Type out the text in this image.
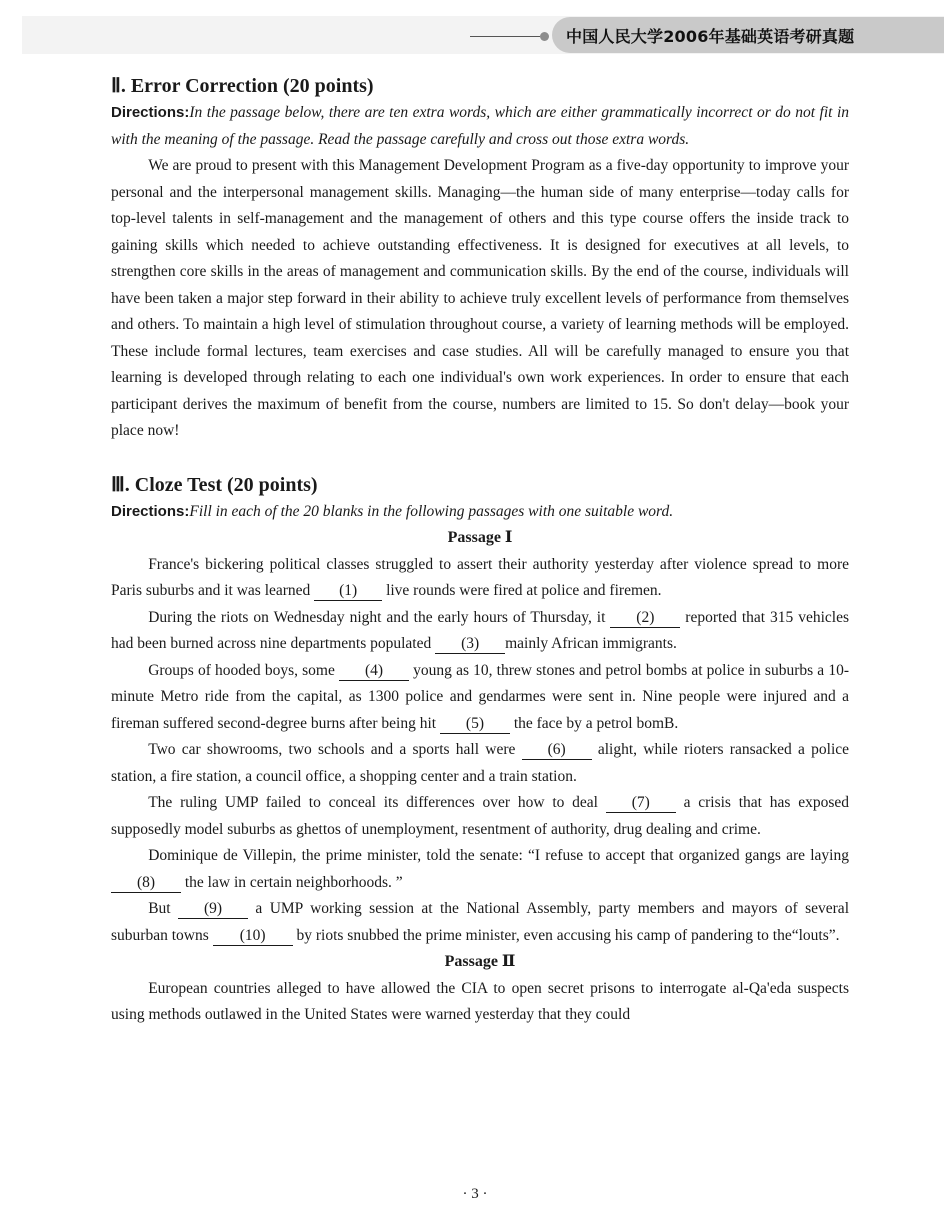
中国人民大学2006年基础英语考研真题
Ⅱ. Error Correction (20 points)

Directions:In the passage below, there are ten extra words, which are either grammatically incorrect or do not fit in with the meaning of the passage. Read the passage carefully and cross out those extra words.

We are proud to present with this Management Development Program as a five-day opportunity to improve your personal and the interpersonal management skills. Managing—the human side of many enterprise—today calls for top-level talents in self-management and the management of others and this type course offers the inside track to gaining skills which needed to achieve outstanding effectiveness. It is designed for executives at all levels, to strengthen core skills in the areas of management and communication skills. By the end of the course, individuals will have been taken a major step forward in their ability to achieve truly excellent levels of performance from themselves and others. To maintain a high level of stimulation throughout course, a variety of learning methods will be employed. These include formal lectures, team exercises and case studies. All will be carefully managed to ensure you that learning is developed through relating to each one individual's own work experiences. In order to ensure that each participant derives the maximum of benefit from the course, numbers are limited to 15. So don't delay—book your place now!

Ⅲ. Cloze Test (20 points)

Directions:Fill in each of the 20 blanks in the following passages with one suitable word.

Passage Ⅰ

France's bickering political classes struggled to assert their authority yesterday after violence spread to more Paris suburbs and it was learned (1) live rounds were fired at police and firemen.

During the riots on Wednesday night and the early hours of Thursday, it (2) reported that 315 vehicles had been burned across nine departments populated (3) mainly African immigrants.

Groups of hooded boys, some (4) young as 10, threw stones and petrol bombs at police in suburbs a 10-minute Metro ride from the capital, as 1300 police and gendarmes were sent in. Nine people were injured and a fireman suffered second-degree burns after being hit (5) the face by a petrol bomB.

Two car showrooms, two schools and a sports hall were (6) alight, while rioters ransacked a police station, a fire station, a council office, a shopping center and a train station.

The ruling UMP failed to conceal its differences over how to deal (7) a crisis that has exposed supposedly model suburbs as ghettos of unemployment, resentment of authority, drug dealing and crime.

Dominique de Villepin, the prime minister, told the senate: “I refuse to accept that organized gangs are laying (8) the law in certain neighborhoods. ”

But (9) a UMP working session at the National Assembly, party members and mayors of several suburban towns (10) by riots snubbed the prime minister, even accusing his camp of pandering to the“louts”.

Passage Ⅱ

European countries alleged to have allowed the CIA to open secret prisons to interrogate al-Qa'eda suspects using methods outlawed in the United States were warned yesterday that they could

· 3 ·
